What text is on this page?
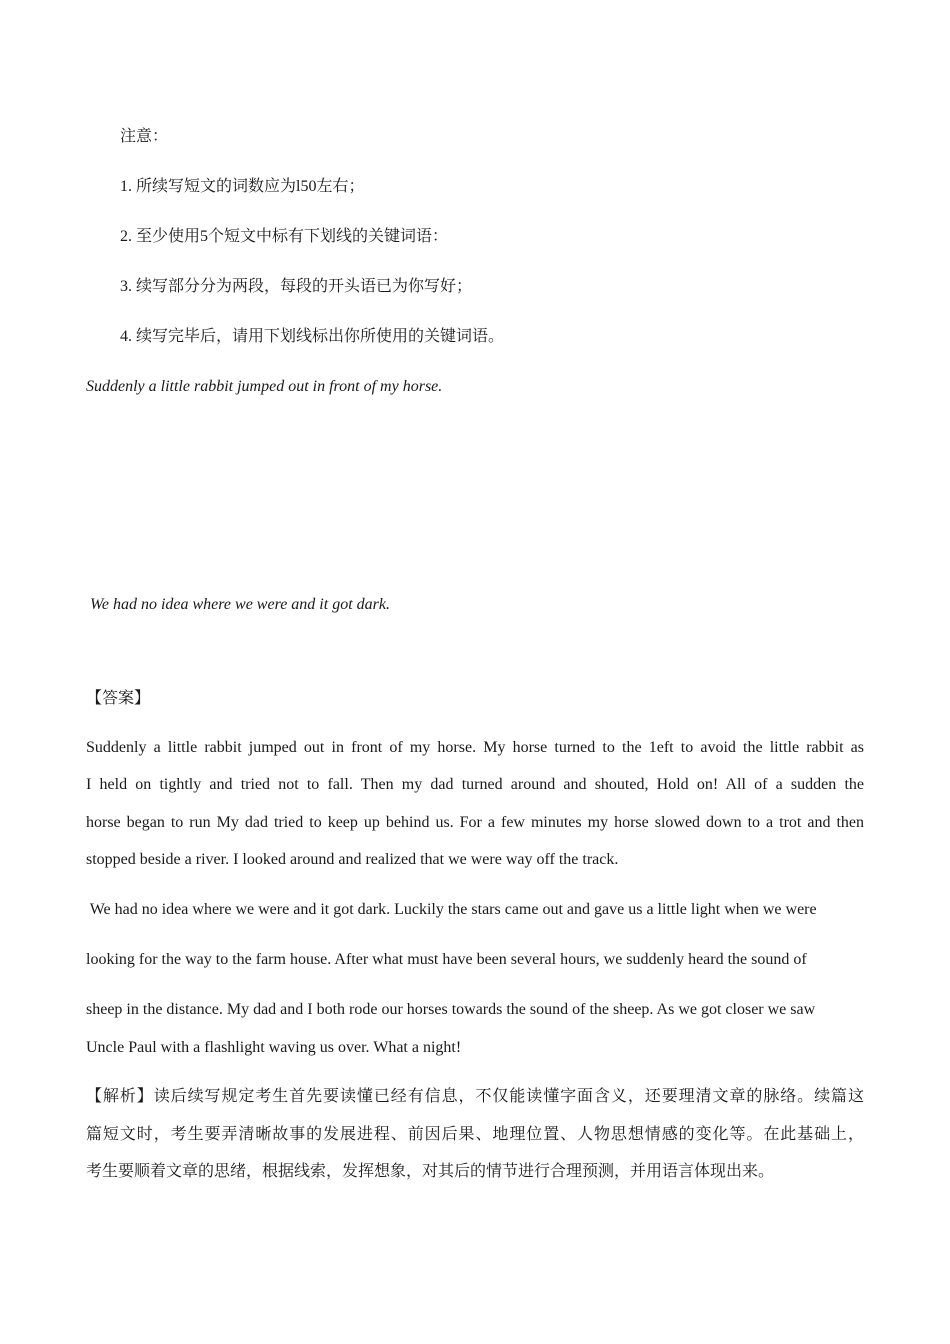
注意：
1. 所续写短文的词数应为l50左右；
2. 至少使用5个短文中标有下划线的关键词语：
3. 续写部分分为两段，每段的开头语已为你写好；
4. 续写完毕后，请用下划线标出你所使用的关键词语。
Suddenly a little rabbit jumped out in front of my horse.
We had no idea where we were and it got dark.
【答案】
Suddenly a little rabbit jumped out in front of my horse. My horse turned to the 1eft to avoid the little rabbit as
I held on tightly and tried not to fall. Then my dad turned around and shouted, Hold on! All of a sudden the
horse began to run My dad tried to keep up behind us. For a few minutes my horse slowed down to a trot and then
stopped beside a river. I looked around and realized that we were way off the track.
We had no idea where we were and it got dark. Luckily the stars came out and gave us a little light when we were
looking for the way to the farm house. After what must have been several hours, we suddenly heard the sound of
sheep in the distance. My dad and I both rode our horses towards the sound of the sheep. As we got closer we saw
Uncle Paul with a flashlight waving us over. What a night!
【解析】读后续写规定考生首先要读懂已经有信息，不仅能读懂字面含义，还要理清文章的脉络。续篇这
篇短文时，考生要弄清晰故事的发展进程、前因后果、地理位置、人物思想情感的变化等。在此基础上，
考生要顺着文章的思绪，根据线索，发挥想象，对其后的情节进行合理预测，并用语言体现出来。
